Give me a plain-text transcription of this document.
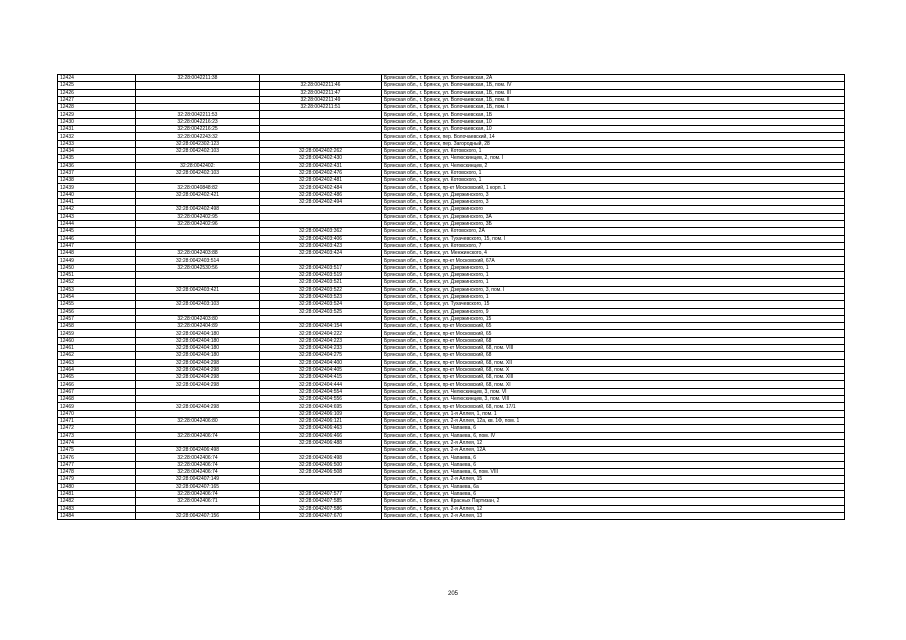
12424	32:28:0042211:38		Брянская обл., г. Брянск, ул. Волочаевская, 2А
12425		32:28:0042211:46	Брянская обл., г. Брянск, ул. Волочаевская, 1Б, пом. IV
12426		32:28:0042211:47	Брянская обл., г. Брянск, ул. Волочаевская, 1Б, пом. III
12427		32:28:0042211:49	Брянская обл., г. Брянск, ул. Волочаевская, 1Б, пом. II
12428		32:28:0042211:51	Брянская обл., г. Брянск, ул. Волочаевская, 1Б, пом. I
12429	32:28:0042211:53		Брянская обл., г. Брянск, ул. Волочаевская, 1Б
12430	32:28:0042216:23		Брянская обл., г. Брянск, ул. Волочаевская, 10
12431	32:28:0042216:25		Брянская обл., г. Брянск, ул. Волочаевская, 10
12432	32:28:0042243:32		Брянская обл., г. Брянск, пер. Волочаевский, 14
12433	32:28:0042302:123		Брянская обл., г. Брянск, пер. Загородный, 28
12434	32:28:0042402:103	32:28:0042402:262	Брянская обл., г. Брянск, ул. Котовского, 1
12435		32:28:0042402:430	Брянская обл., г. Брянск, ул. Челюскинцев, 2, пом. I
12436	32:28:0042402:	32:28:0042402:431	Брянская обл., г. Брянск, ул. Челюскинцев, 2
12437	32:28:0042402:103	32:28:0042402:476	Брянская обл., г. Брянск, ул. Котовского, 1
12438		32:28:0042402:481	Брянская обл., г. Брянск, ул. Котовского, 1
12439	32:28:0040848:82	32:28:0042402:484	Брянская обл., г. Брянск, пр-кт Московский, 1 корп. 1
12440	32:28:0042402:421	32:28:0042402:486	Брянская обл., г. Брянск, ул. Дзержинского, 3
12441		32:28:0042402:494	Брянская обл., г. Брянск, ул. Дзержинского, 3
12442	32:28:0042402:498		Брянская обл., г. Брянск, ул. Дзержинского
12443	32:28:0042402:95		Брянская обл., г. Брянск, ул. Дзержинского, 3А
12444	32:28:0042402:96		Брянская обл., г. Брянск, ул. Дзержинского, 3Б
12445		32:28:0042403:362	Брянская обл., г. Брянск, ул. Котовского, 2А
12446		32:28:0042403:406	Брянская обл., г. Брянск, ул. Тухачевского, 15, пом. I
12447		32:28:0042403:423	Брянская обл., г. Брянск, ул. Котовского, 7
12448	32:28:0042403:88	32:28:0042403:424	Брянская обл., г. Брянск, ул. Менжинского, 4
12449	32:28:0042403:514		Брянская обл., г. Брянск, пр-кт Московский, 67А
12450	32:28:0042530:56	32:28:0042403:517	Брянская обл., г. Брянск, ул. Дзержинского, 1
12451		32:28:0042403:519	Брянская обл., г. Брянск, ул. Дзержинского, 1
12452		32:28:0042403:521	Брянская обл., г. Брянск, ул. Дзержинского, 1
12453	32:28:0042403:421	32:28:0042403:522	Брянская обл., г. Брянск, ул. Дзержинского, 3, пом. I
12454		32:28:0042403:523	Брянская обл., г. Брянск, ул. Дзержинского, 1
12455	32:28:0042403:103	32:28:0042403:524	Брянская обл., г. Брянск, ул. Тухачевского, 15
12456		32:28:0042403:525	Брянская обл., г. Брянск, ул. Дзержинского, 9
12457	32:28:0042403:80		Брянская обл., г. Брянск, ул. Дзержинского, 15
12458	32:28:0042404:89	32:28:0042404:154	Брянская обл., г. Брянск, пр-кт Московский, 65
12459	32:28:0042404:180	32:28:0042404:222	Брянская обл., г. Брянск, пр-кт Московский, 65
12460	32:28:0042404:180	32:28:0042404:223	Брянская обл., г. Брянск, пр-кт Московский, 68
12461	32:28:0042404:180	32:28:0042404:233	Брянская обл., г. Брянск, пр-кт Московский, 68, пом. VIII
12462	32:28:0042404:180	32:28:0042404:275	Брянская обл., г. Брянск, пр-кт Московский, 68
12463	32:28:0042404:298	32:28:0042404:400	Брянская обл., г. Брянск, пр-кт Московский, 68, пом. XII
12464	32:28:0042404:298	32:28:0042404:405	Брянская обл., г. Брянск, пр-кт Московский, 68, пом. X
12465	32:28:0042404:298	32:28:0042404:415	Брянская обл., г. Брянск, пр-кт Московский, 68, пом. XIII
12466	32:28:0042404:298	32:28:0042404:444	Брянская обл., г. Брянск, пр-кт Московский, 68, пом. XI
12467		32:28:0042404:554	Брянская обл., г. Брянск, ул. Челюскинцев, 3, пом. VI
12468		32:28:0042404:556	Брянская обл., г. Брянск, ул. Челюскинцев, 3, пом. VIII
12469	32:28:0042404:298	32:28:0042404:695	Брянская обл., г. Брянск, пр-кт Московский, 68, пом. 17/1
12470		32:28:0042406:109	Брянская обл., г. Брянск, ул. 1-я Аллея, 1, пом. 1
12471	32:28:0042406:80	32:28:0042406:121	Брянская обл., г. Брянск, ул. 2-я Аллея, 12а, кв. 1Ф, пом. 1
12472		32:28:0042406:463	Брянская обл., г. Брянск, ул. Чапаева, 6
12473	32:28:0042406:74	32:28:0042406:466	Брянская обл., г. Брянск, ул. Чапаева, 6, пом. IV
12474		32:28:0042406:488	Брянская обл., г. Брянск, ул. 2-я Аллея, 12
12475	32:28:0042406:498		Брянская обл., г. Брянск, ул. 2-я Аллея, 12А
12476	32:28:0042406:74	32:28:0042406:498	Брянская обл., г. Брянск, ул. Чапаева, 6
12477	32:28:0042406:74	32:28:0042406:500	Брянская обл., г. Брянск, ул. Чапаева, 6
12478	32:28:0042406:74	32:28:0042406:508	Брянская обл., г. Брянск, ул. Чапаева, 6, пом. VIII
12479	32:28:0042407:149		Брянская обл., г. Брянск, ул. 2-я Аллея, 15
12480	32:28:0042407:165		Брянская обл., г. Брянск, ул. Чапаева, 6а
12481	32:28:0042406:74	32:28:0042407:577	Брянская обл., г. Брянск, ул. Чапаева, 6
12482	32:28:0042406:71	32:28:0042407:585	Брянская обл., г. Брянск, ул. Красных Партизан, 2
12483		32:28:0042407:586	Брянская обл., г. Брянск, ул. 2-я Аллея, 12
12484	32:28:0042407:156	32:28:0042407:670	Брянская обл., г. Брянск, ул. 2-я Аллея, 13
205
